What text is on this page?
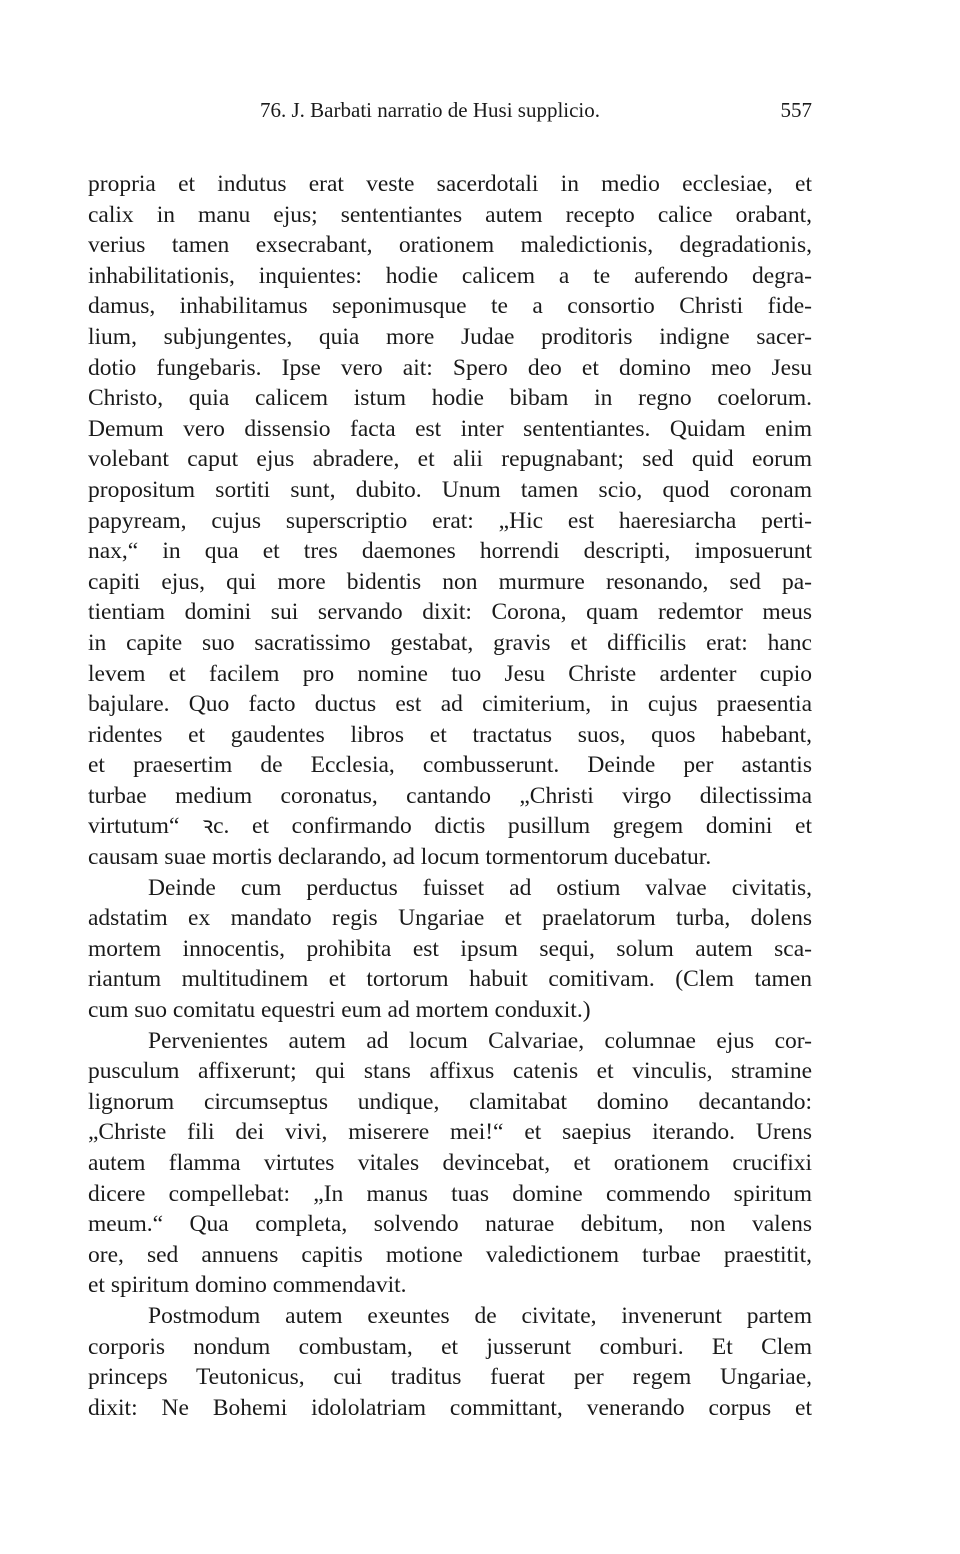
76. J. Barbati narratio de Husi supplicio.	557
propria et indutus erat veste sacerdotali in medio ecclesiae, et
calix in manu ejus; sententiantes autem recepto calice orabant,
verius tamen exsecrabant, orationem maledictionis, degradationis,
inhabilitationis, inquientes: hodie calicem a te auferendo degra-
damus, inhabilitamus seponimusque te a consortio Christi fide-
lium, subjungentes, quia more Judae proditoris indigne sacer-
dotio fungebaris. Ipse vero ait: Spero deo et domino meo Jesu
Christo, quia calicem istum hodie bibam in regno coelorum.
Demum vero dissensio facta est inter sententiantes. Quidam enim
volebant caput ejus abradere, et alii repugnabant; sed quid eorum
propositum sortiti sunt, dubito. Unum tamen scio, quod coronam
papyream, cujus superscriptio erat: „Hic est haeresiarcha perti-
nax,“ in qua et tres daemones horrendi descripti, imposuerunt
capiti ejus, qui more bidentis non murmure resonando, sed pa-
tientiam domini sui servando dixit: Corona, quam redemtor meus
in capite suo sacratissimo gestabat, gravis et difficilis erat: hanc
levem et facilem pro nomine tuo Jesu Christe ardenter cupio
bajulare. Quo facto ductus est ad cimiterium, in cujus praesentia
ridentes et gaudentes libros et tractatus suos, quos habebant,
et praesertim de Ecclesia, combusserunt. Deinde per astantis
turbae medium coronatus, cantando „Christi virgo dilectissima
virtutum“ ꝛc. et confirmando dictis pusillum gregem domini et
causam suae mortis declarando, ad locum tormentorum ducebatur.
Deinde cum perductus fuisset ad ostium valvae civitatis,
adstatim ex mandato regis Ungariae et praelatorum turba, dolens
mortem innocentis, prohibita est ipsum sequi, solum autem sca-
riantum multitudinem et tortorum habuit comitivam. (Clem tamen
cum suo comitatu equestri eum ad mortem conduxit.)
Pervenientes autem ad locum Calvariae, columnae ejus cor-
pusculum affixerunt; qui stans affixus catenis et vinculis, stramine
lignorum circumseptus undique, clamitabat domino decantando:
„Christe fili dei vivi, miserere mei!“ et saepius iterando. Urens
autem flamma virtutes vitales devincebat, et orationem crucifixi
dicere compellebat: „In manus tuas domine commendo spiritum
meum.“ Qua completa, solvendo naturae debitum, non valens
ore, sed annuens capitis motione valedictionem turbae praestitit,
et spiritum domino commendavit.
Postmodum autem exeuntes de civitate, invenerunt partem
corporis nondum combustam, et jusserunt comburi. Et Clem
princeps Teutonicus, cui traditus fuerat per regem Ungariae,
dixit: Ne Bohemi idololatriam committant, venerando corpus et
